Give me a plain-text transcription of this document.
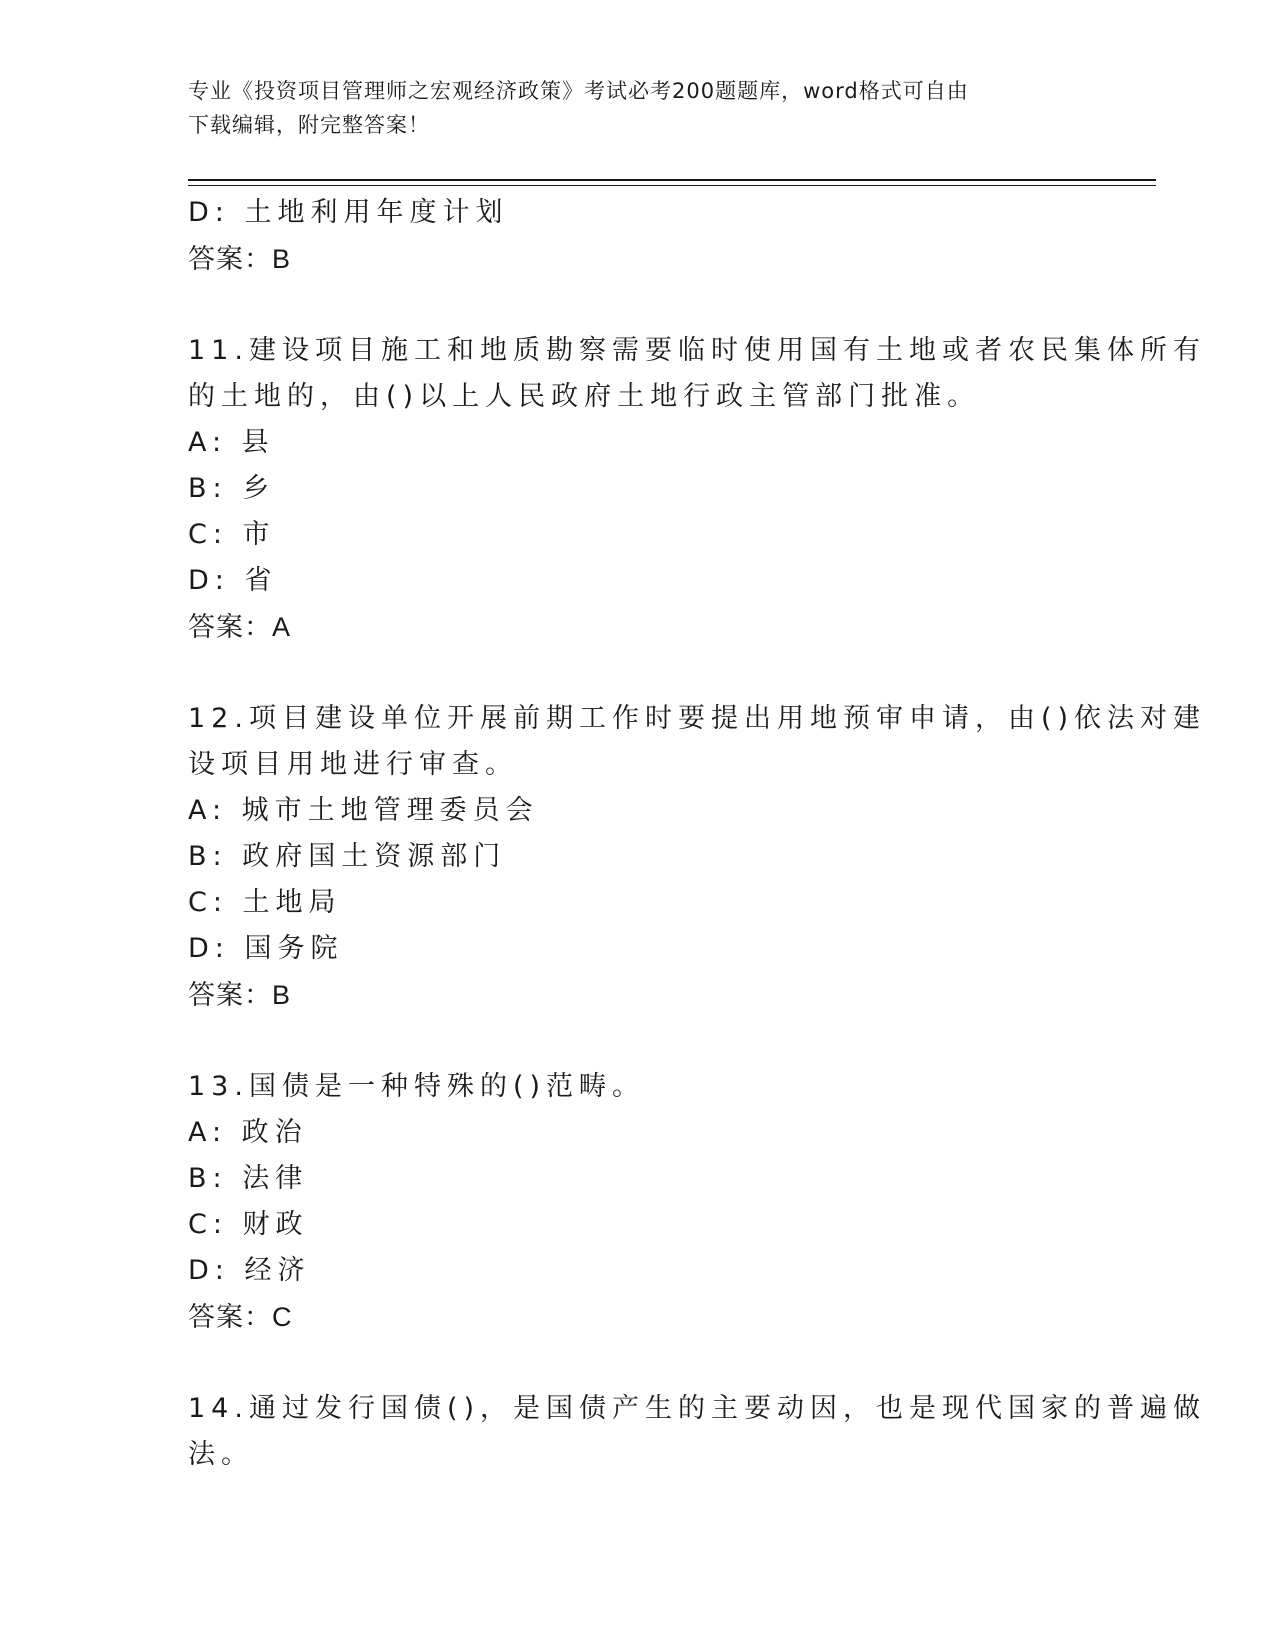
专业《投资项目管理师之宏观经济政策》考试必考200题题库，word格式可自由
下载编辑，附完整答案！
D: 土地利用年度计划
答案：B
11.建设项目施工和地质勘察需要临时使用国有土地或者农民集体所有
的土地的，由()以上人民政府土地行政主管部门批准。
A: 县
B: 乡
C: 市
D: 省
答案：A
12.项目建设单位开展前期工作时要提出用地预审申请，由()依法对建
设项目用地进行审查。
A: 城市土地管理委员会
B: 政府国土资源部门
C: 土地局
D: 国务院
答案：B
13.国债是一种特殊的()范畴。
A: 政治
B: 法律
C: 财政
D: 经济
答案：C
14.通过发行国债()，是国债产生的主要动因，也是现代国家的普遍做
法。
